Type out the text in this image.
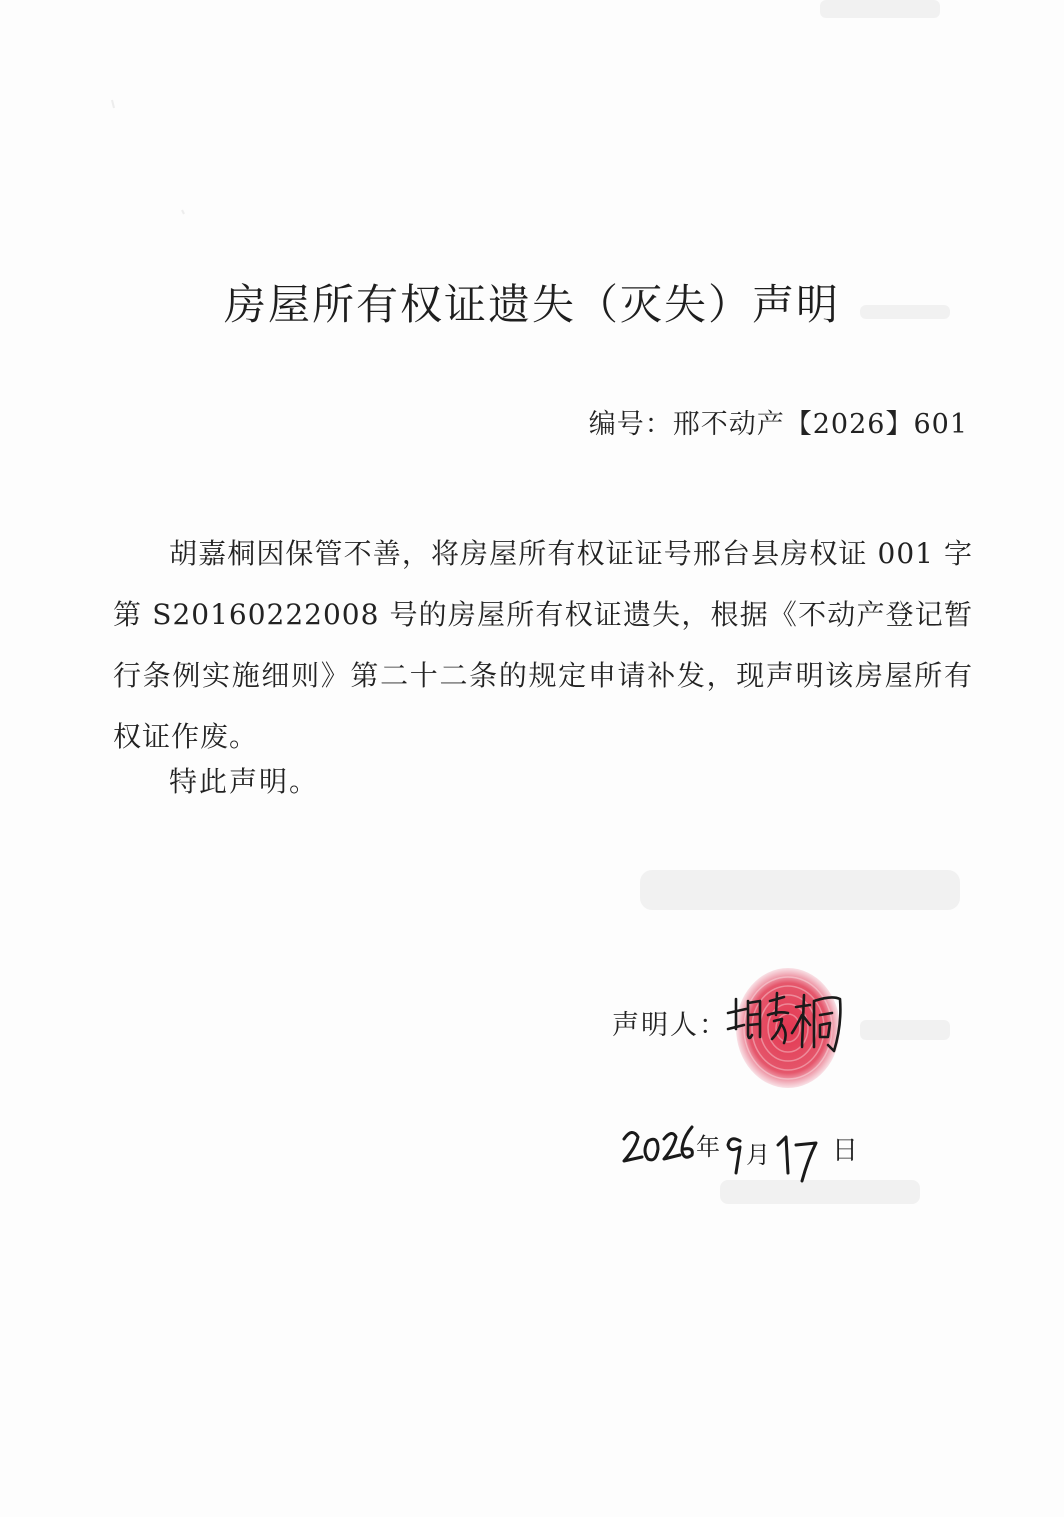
房屋所有权证遗失（灭失）声明
编号：邢不动产【2026】601

胡嘉桐因保管不善，将房屋所有权证证号邢台县房权证 001 字第 S20160222008 号的房屋所有权证遗失，根据《不动产登记暂行条例实施细则》第二十二条的规定申请补发，现声明该房屋所有权证作废。

特此声明。
声明人：
年 月 日
